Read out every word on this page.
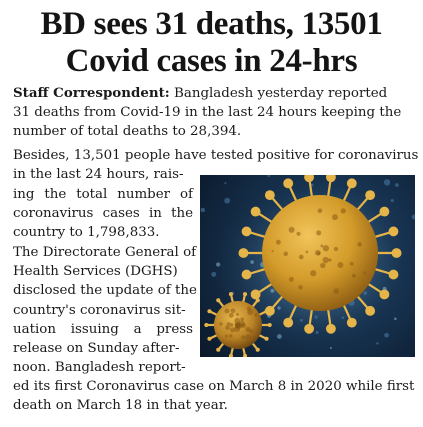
BD sees 31 deaths, 13501
Covid cases in 24-hrs
Staff Correspondent: Bangladesh yesterday reported
31 deaths from Covid-19 in the last 24 hours keeping the
number of total deaths to 28,394.
Besides, 13,501 people have tested positive for coronavirus
in the last 24 hours, rais-
ing the total number of
coronavirus cases in the
country to 1,798,833.
The Directorate General of
Health Services (DGHS)
disclosed the update of the
country's coronavirus sit-
uation issuing a press
release on Sunday after-
noon. Bangladesh report-
ed its first Coronavirus case on March 8 in 2020 while first
death on March 18 in that year.
